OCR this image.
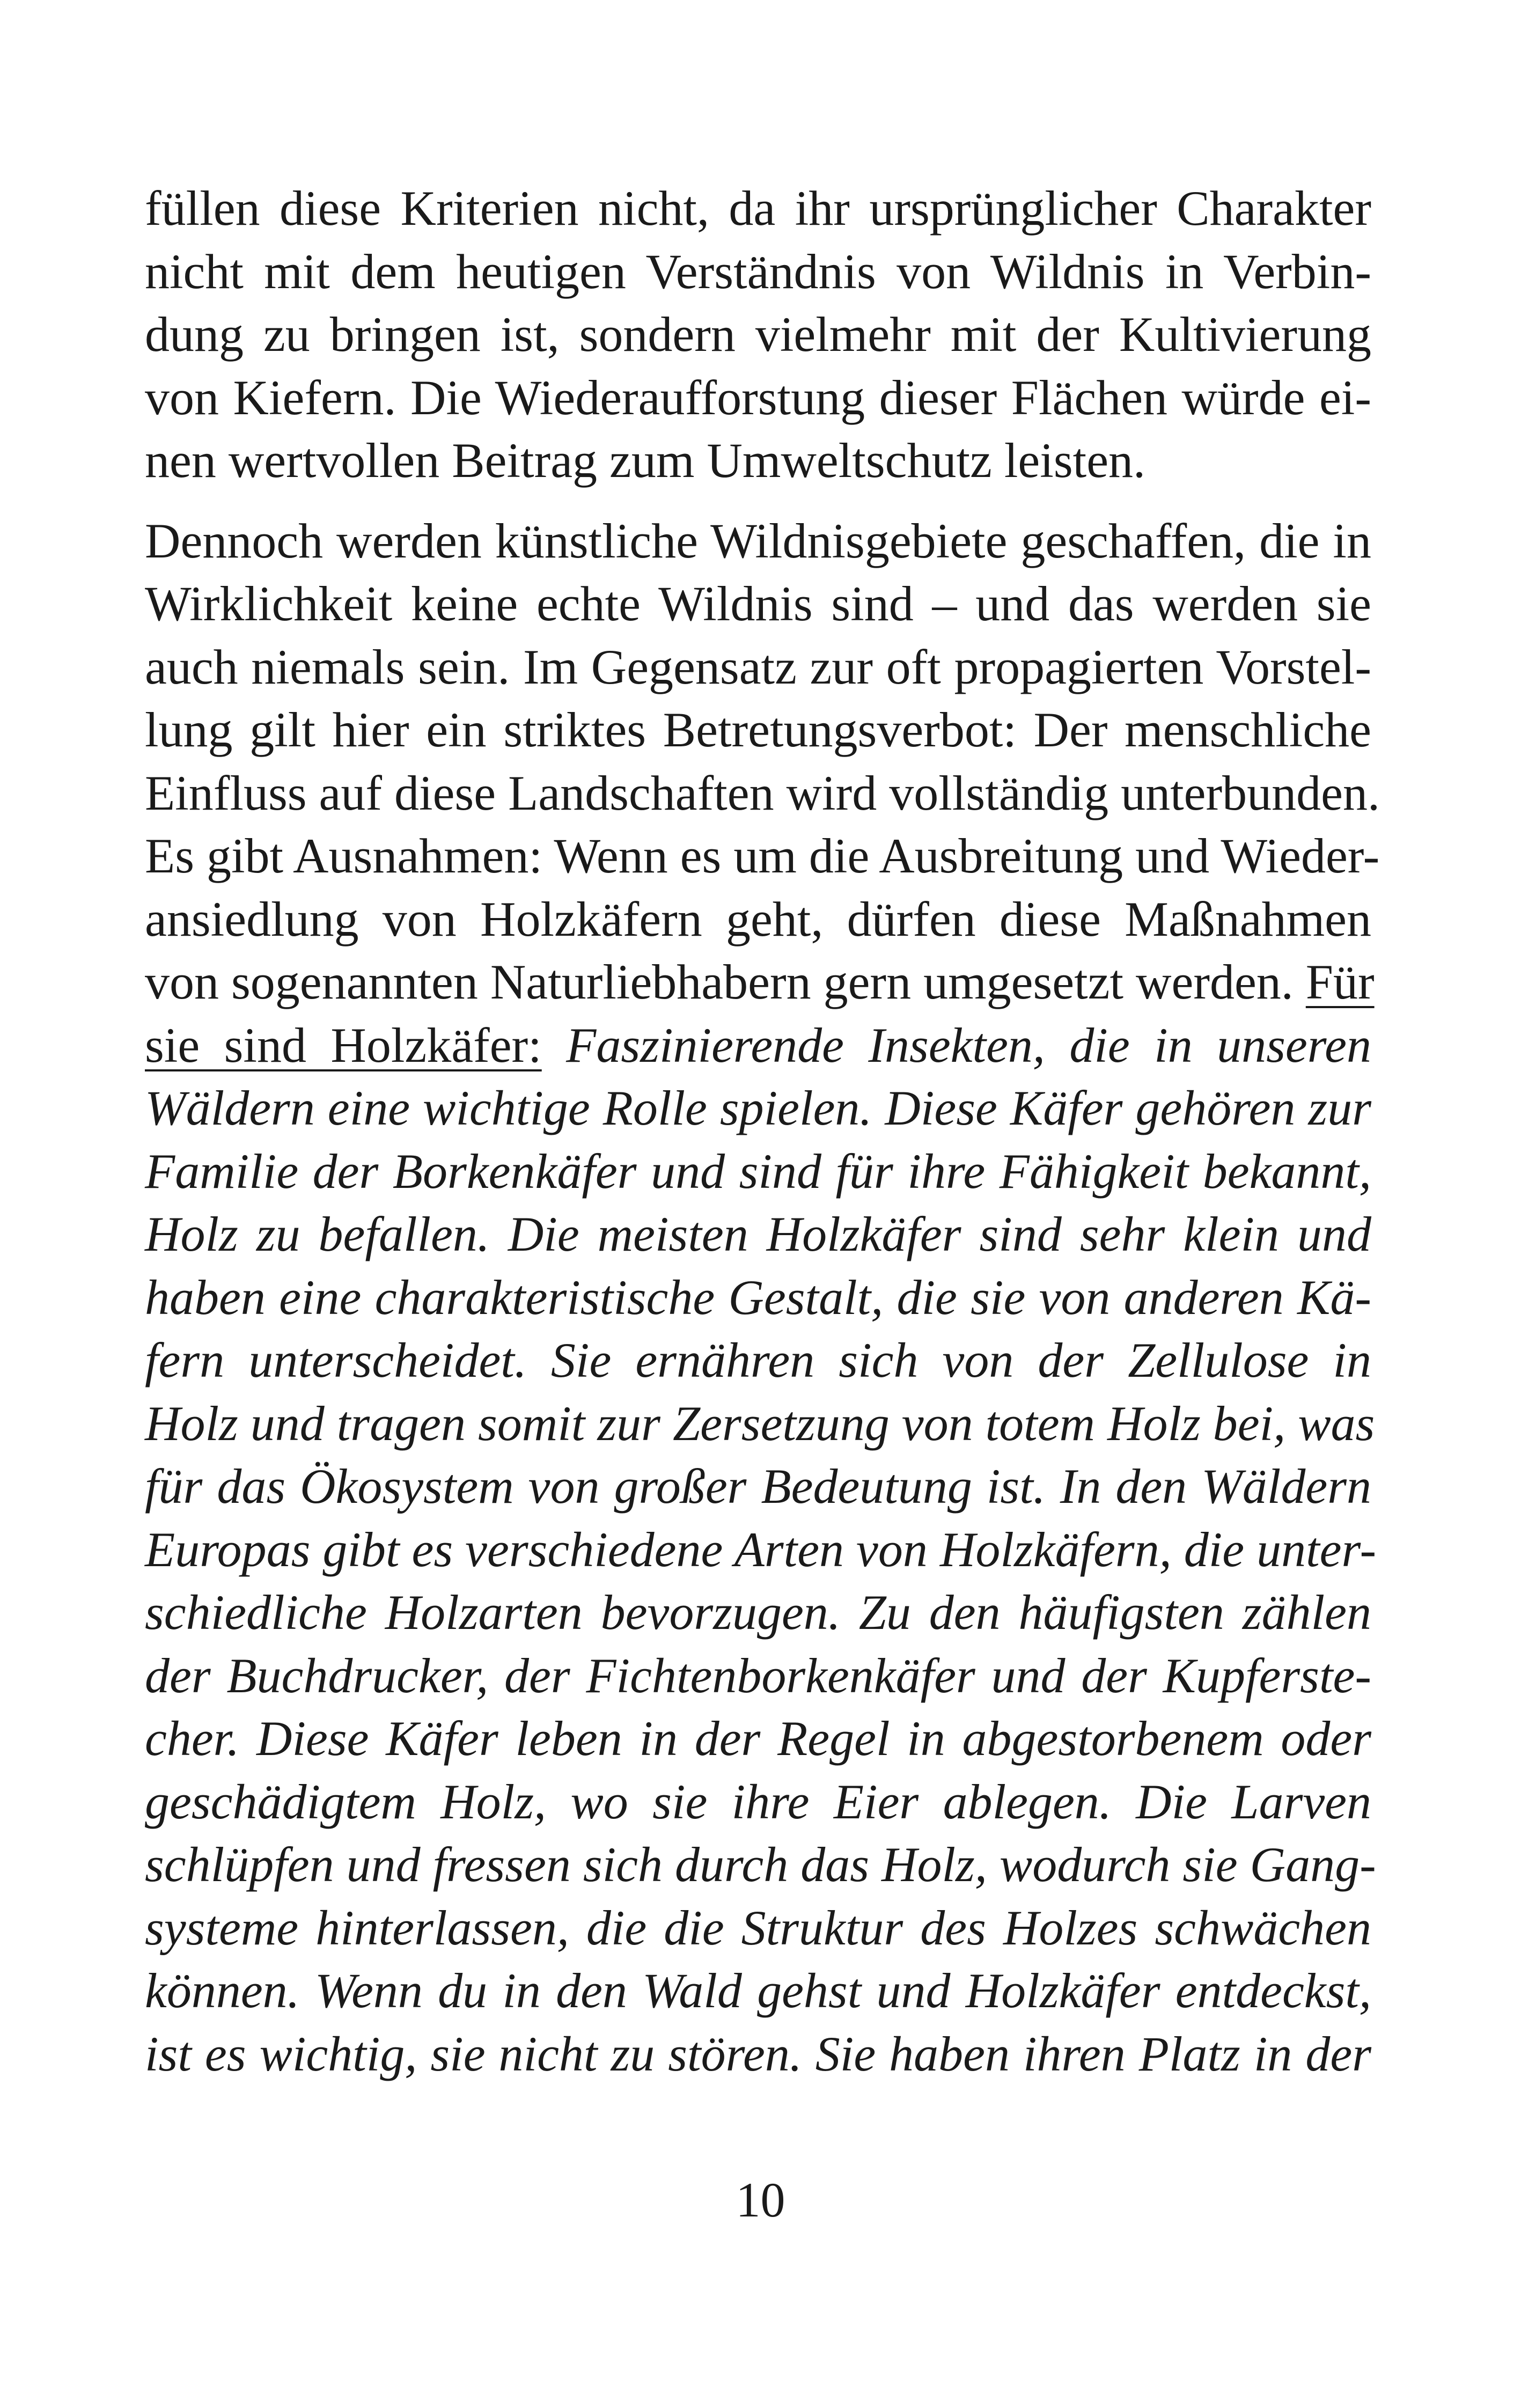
füllen diese Kriterien nicht, da ihr ursprünglicher Charakter
nicht mit dem heutigen Verständnis von Wildnis in Verbin-
dung zu bringen ist, sondern vielmehr mit der Kultivierung
von Kiefern. Die Wiederaufforstung dieser Flächen würde ei-
nen wertvollen Beitrag zum Umweltschutz leisten.
Dennoch werden künstliche Wildnisgebiete geschaffen, die in
Wirklichkeit keine echte Wildnis sind – und das werden sie
auch niemals sein. Im Gegensatz zur oft propagierten Vorstel-
lung gilt hier ein striktes Betretungsverbot: Der menschliche
Einfluss auf diese Landschaften wird vollständig unterbunden.
Es gibt Ausnahmen: Wenn es um die Ausbreitung und Wieder-
ansiedlung von Holzkäfern geht, dürfen diese Maßnahmen
von sogenannten Naturliebhabern gern umgesetzt werden. Für
sie sind Holzkäfer: Faszinierende Insekten, die in unseren
Wäldern eine wichtige Rolle spielen. Diese Käfer gehören zur
Familie der Borkenkäfer und sind für ihre Fähigkeit bekannt,
Holz zu befallen. Die meisten Holzkäfer sind sehr klein und
haben eine charakteristische Gestalt, die sie von anderen Kä-
fern unterscheidet. Sie ernähren sich von der Zellulose in
Holz und tragen somit zur Zersetzung von totem Holz bei, was
für das Ökosystem von großer Bedeutung ist. In den Wäldern
Europas gibt es verschiedene Arten von Holzkäfern, die unter-
schiedliche Holzarten bevorzugen. Zu den häufigsten zählen
der Buchdrucker, der Fichtenborkenkäfer und der Kupferste-
cher. Diese Käfer leben in der Regel in abgestorbenem oder
geschädigtem Holz, wo sie ihre Eier ablegen. Die Larven
schlüpfen und fressen sich durch das Holz, wodurch sie Gang-
systeme hinterlassen, die die Struktur des Holzes schwächen
können. Wenn du in den Wald gehst und Holzkäfer entdeckst,
ist es wichtig, sie nicht zu stören. Sie haben ihren Platz in der
10
